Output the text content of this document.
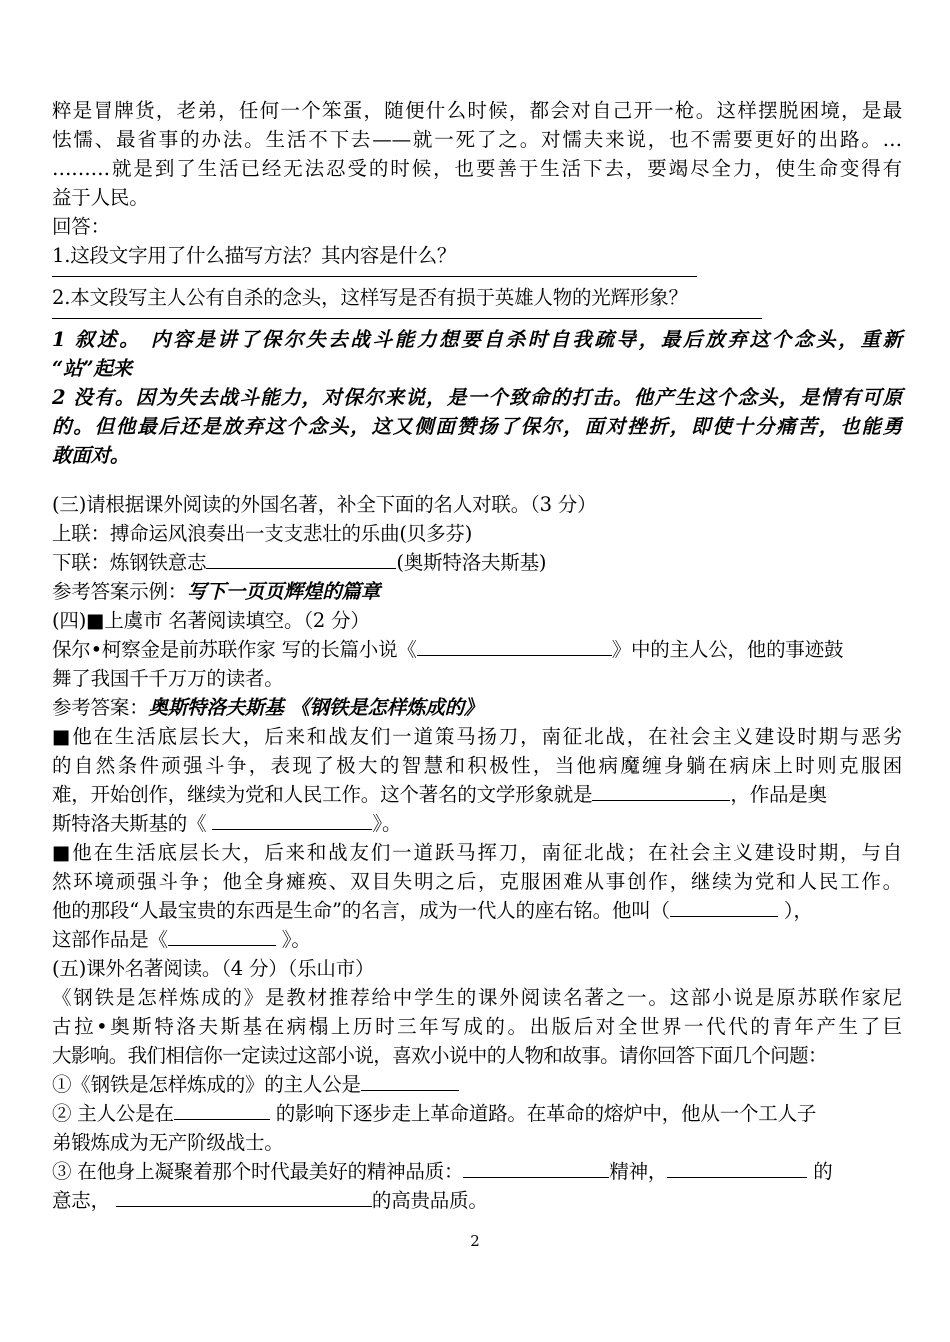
粹是冒牌货，老弟，任何一个笨蛋，随便什么时候，都会对自己开一枪。这样摆脱困境，是最
怯懦、最省事的办法。生活不下去——就一死了之。对懦夫来说，也不需要更好的出路。…
………就是到了生活已经无法忍受的时候，也要善于生活下去，要竭尽全力，使生命变得有
益于人民。
回答：
1.这段文字用了什么描写方法？其内容是什么？
2.本文段写主人公有自杀的念头，这样写是否有损于英雄人物的光辉形象？
1 叙述。 内容是讲了保尔失去战斗能力想要自杀时自我疏导，最后放弃这个念头，重新
“站”起来
2 没有。因为失去战斗能力，对保尔来说，是一个致命的打击。他产生这个念头，是情有可原
的。但他最后还是放弃这个念头，这又侧面赞扬了保尔，面对挫折，即使十分痛苦，也能勇
敢面对。
(三)请根据课外阅读的外国名著，补全下面的名人对联。（3 分）
上联：搏命运风浪奏出一支支悲壮的乐曲(贝多芬)
下联：炼钢铁意志	(奥斯特洛夫斯基)
参考答案示例：写下一页页辉煌的篇章
(四)■上虞市 名著阅读填空。（2 分）
保尔•柯察金是前苏联作家 写的长篇小说《	》中的主人公，他的事迹鼓
舞了我国千千万万的读者。
参考答案：奥斯特洛夫斯基 《钢铁是怎样炼成的》
■他在生活底层长大，后来和战友们一道策马扬刀，南征北战，在社会主义建设时期与恶劣
的自然条件顽强斗争，表现了极大的智慧和积极性，当他病魔缠身躺在病床上时则克服困
难，开始创作，继续为党和人民工作。这个著名的文学形象就是	，作品是奥
斯特洛夫斯基的《	》。
■他在生活底层长大，后来和战友们一道跃马挥刀，南征北战；在社会主义建设时期，与自
然环境顽强斗争；他全身瘫痪、双目失明之后，克服困难从事创作，继续为党和人民工作。
他的那段“人最宝贵的东西是生命”的名言，成为一代人的座右铭。他叫（	），
这部作品是《	》。
(五)课外名著阅读。（4 分）（乐山市）
《钢铁是怎样炼成的》是教材推荐给中学生的课外阅读名著之一。这部小说是原苏联作家尼
古拉•奥斯特洛夫斯基在病榻上历时三年写成的。出版后对全世界一代代的青年产生了巨
大影响。我们相信你一定读过这部小说，喜欢小说中的人物和故事。请你回答下面几个问题：
①《钢铁是怎样炼成的》的主人公是
② 主人公是在	的影响下逐步走上革命道路。在革命的熔炉中，他从一个工人子
弟锻炼成为无产阶级战士。
③ 在他身上凝聚着那个时代最美好的精神品质：	精神，	的
意志，	的高贵品质。
2
